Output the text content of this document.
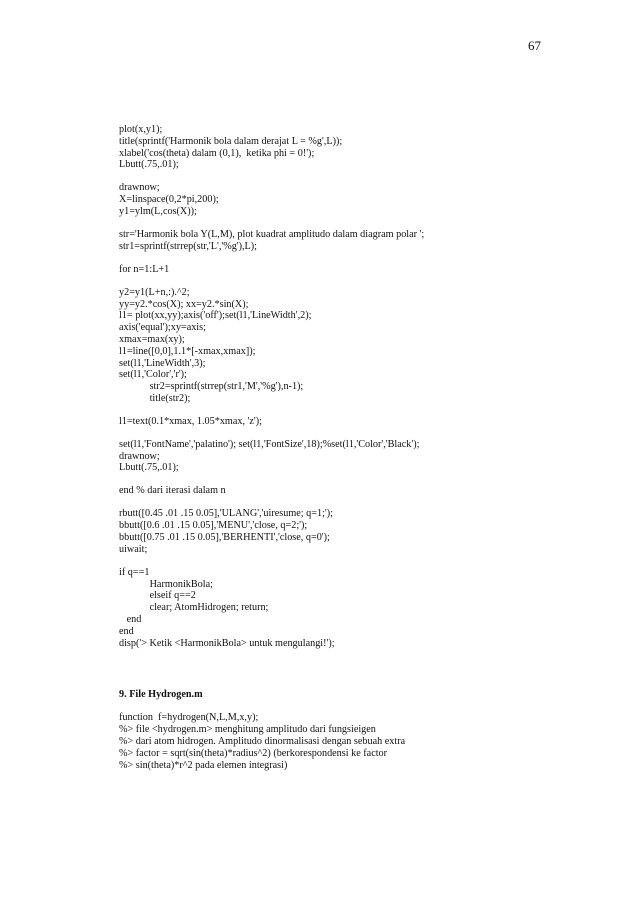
67
plot(x,y1);
title(sprintf('Harmonik bola dalam derajat L = %g',L));
xlabel('cos(theta) dalam (0,1),  ketika phi = 0!');
Lbutt(.75,.01);
drawnow;
X=linspace(0,2*pi,200);
y1=ylm(L,cos(X));
str='Harmonik bola Y(L,M), plot kuadrat amplitudo dalam diagram polar ';
str1=sprintf(strrep(str,'L','%g'),L);
for n=1:L+1
y2=y1(L+n,:).^2;
yy=y2.*cos(X); xx=y2.*sin(X);
l1= plot(xx,yy);axis('off');set(l1,'LineWidth',2);
axis('equal');xy=axis;
xmax=max(xy);
l1=line([0,0],1.1*[-xmax,xmax]);
set(l1,'LineWidth',3);
set(l1,'Color','r');
str2=sprintf(strrep(str1,'M','%g'),n-1);
title(str2);
l1=text(0.1*xmax, 1.05*xmax, 'z');
set(l1,'FontName','palatino'); set(l1,'FontSize',18);%set(l1,'Color','Black');
drawnow;
Lbutt(.75,.01);
end % dari iterasi dalam n
rbutt([0.45 .01 .15 0.05],'ULANG','uiresume; q=1;');
bbutt([0.6 .01 .15 0.05],'MENU','close, q=2;');
bbutt([0.75 .01 .15 0.05],'BERHENTI','close, q=0');
uiwait;
if q==1
HarmonikBola;
elseif q==2
clear; AtomHidrogen; return;
end
end
disp('> Ketik <HarmonikBola> untuk mengulangi!');
9. File Hydrogen.m
function  f=hydrogen(N,L,M,x,y);
%> file <hydrogen.m> menghitung amplitudo dari fungsieigen
%> dari atom hidrogen. Amplitudo dinormalisasi dengan sebuah extra
%> factor = sqrt(sin(theta)*radius^2) (berkorespondensi ke factor
%> sin(theta)*r^2 pada elemen integrasi)
